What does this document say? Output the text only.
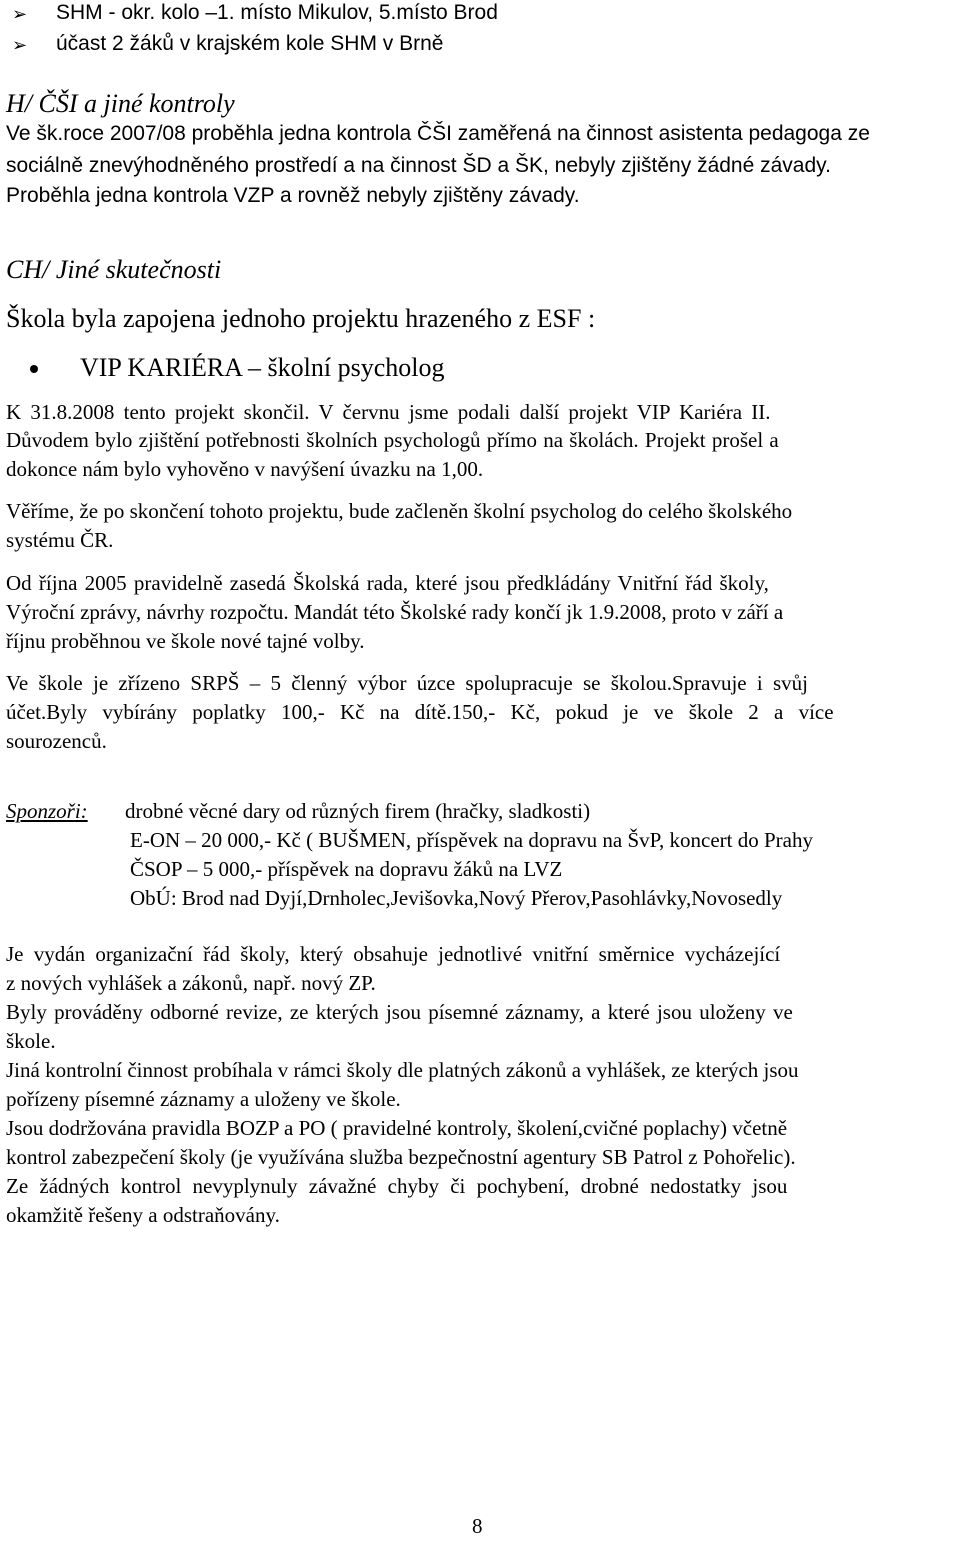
➢ SHM - okr. kolo –1. místo Mikulov, 5.místo Brod
➢ účast 2 žáků v krajském kole SHM v Brně
H/ ČŠI a jiné kontroly
Ve šk.roce 2007/08 proběhla jedna kontrola ČŠI zaměřená na činnost asistenta pedagoga ze
sociálně znevýhodněného prostředí a na činnost ŠD a ŠK, nebyly zjištěny žádné závady.
Proběhla jedna kontrola VZP a rovněž nebyly zjištěny závady.
CH/ Jiné skutečnosti
Škola byla zapojena jednoho projektu hrazeného z ESF :
VIP KARIÉRA – školní psycholog
K 31.8.2008 tento projekt skončil. V červnu jsme podali další projekt VIP Kariéra II.
Důvodem bylo zjištění potřebnosti školních psychologů přímo na školách. Projekt prošel a
dokonce nám bylo vyhověno v navýšení úvazku na 1,00.
Věříme, že po skončení tohoto projektu, bude začleněn školní psycholog do celého školského
systému ČR.
Od října 2005 pravidelně zasedá Školská rada, které jsou předkládány Vnitřní řád školy,
Výroční zprávy, návrhy rozpočtu. Mandát této Školské rady končí jk 1.9.2008, proto v září a
říjnu proběhnou ve škole nové tajné volby.
Ve škole je zřízeno SRPŠ – 5 členný výbor úzce spolupracuje se školou.Spravuje i svůj
účet.Byly vybírány poplatky 100,- Kč na dítě.150,- Kč, pokud je ve škole 2 a více
sourozenců.
Sponzoři: drobné věcné dary od různých firem (hračky, sladkosti)
E-ON – 20 000,- Kč ( BUŠMEN, příspěvek na dopravu na ŠvP, koncert do Prahy
ČSOP – 5 000,- příspěvek na dopravu žáků na LVZ
ObÚ: Brod nad Dyjí,Drnholec,Jevišovka,Nový Přerov,Pasohlávky,Novosedly
Je vydán organizační řád školy, který obsahuje jednotlivé vnitřní směrnice vycházející
z nových vyhlášek a zákonů, např. nový ZP.
Byly prováděny odborné revize, ze kterých jsou písemné záznamy, a které jsou uloženy ve
škole.
Jiná kontrolní činnost probíhala v rámci školy dle platných zákonů a vyhlášek, ze kterých jsou
pořízeny písemné záznamy a uloženy ve škole.
Jsou dodržována pravidla BOZP a PO ( pravidelné kontroly, školení,cvičné poplachy) včetně
kontrol zabezpečení školy (je využívána služba bezpečnostní agentury SB Patrol z Pohořelic).
Ze žádných kontrol nevyplynuly závažné chyby či pochybení, drobné nedostatky jsou
okamžitě řešeny a odstraňovány.
8
